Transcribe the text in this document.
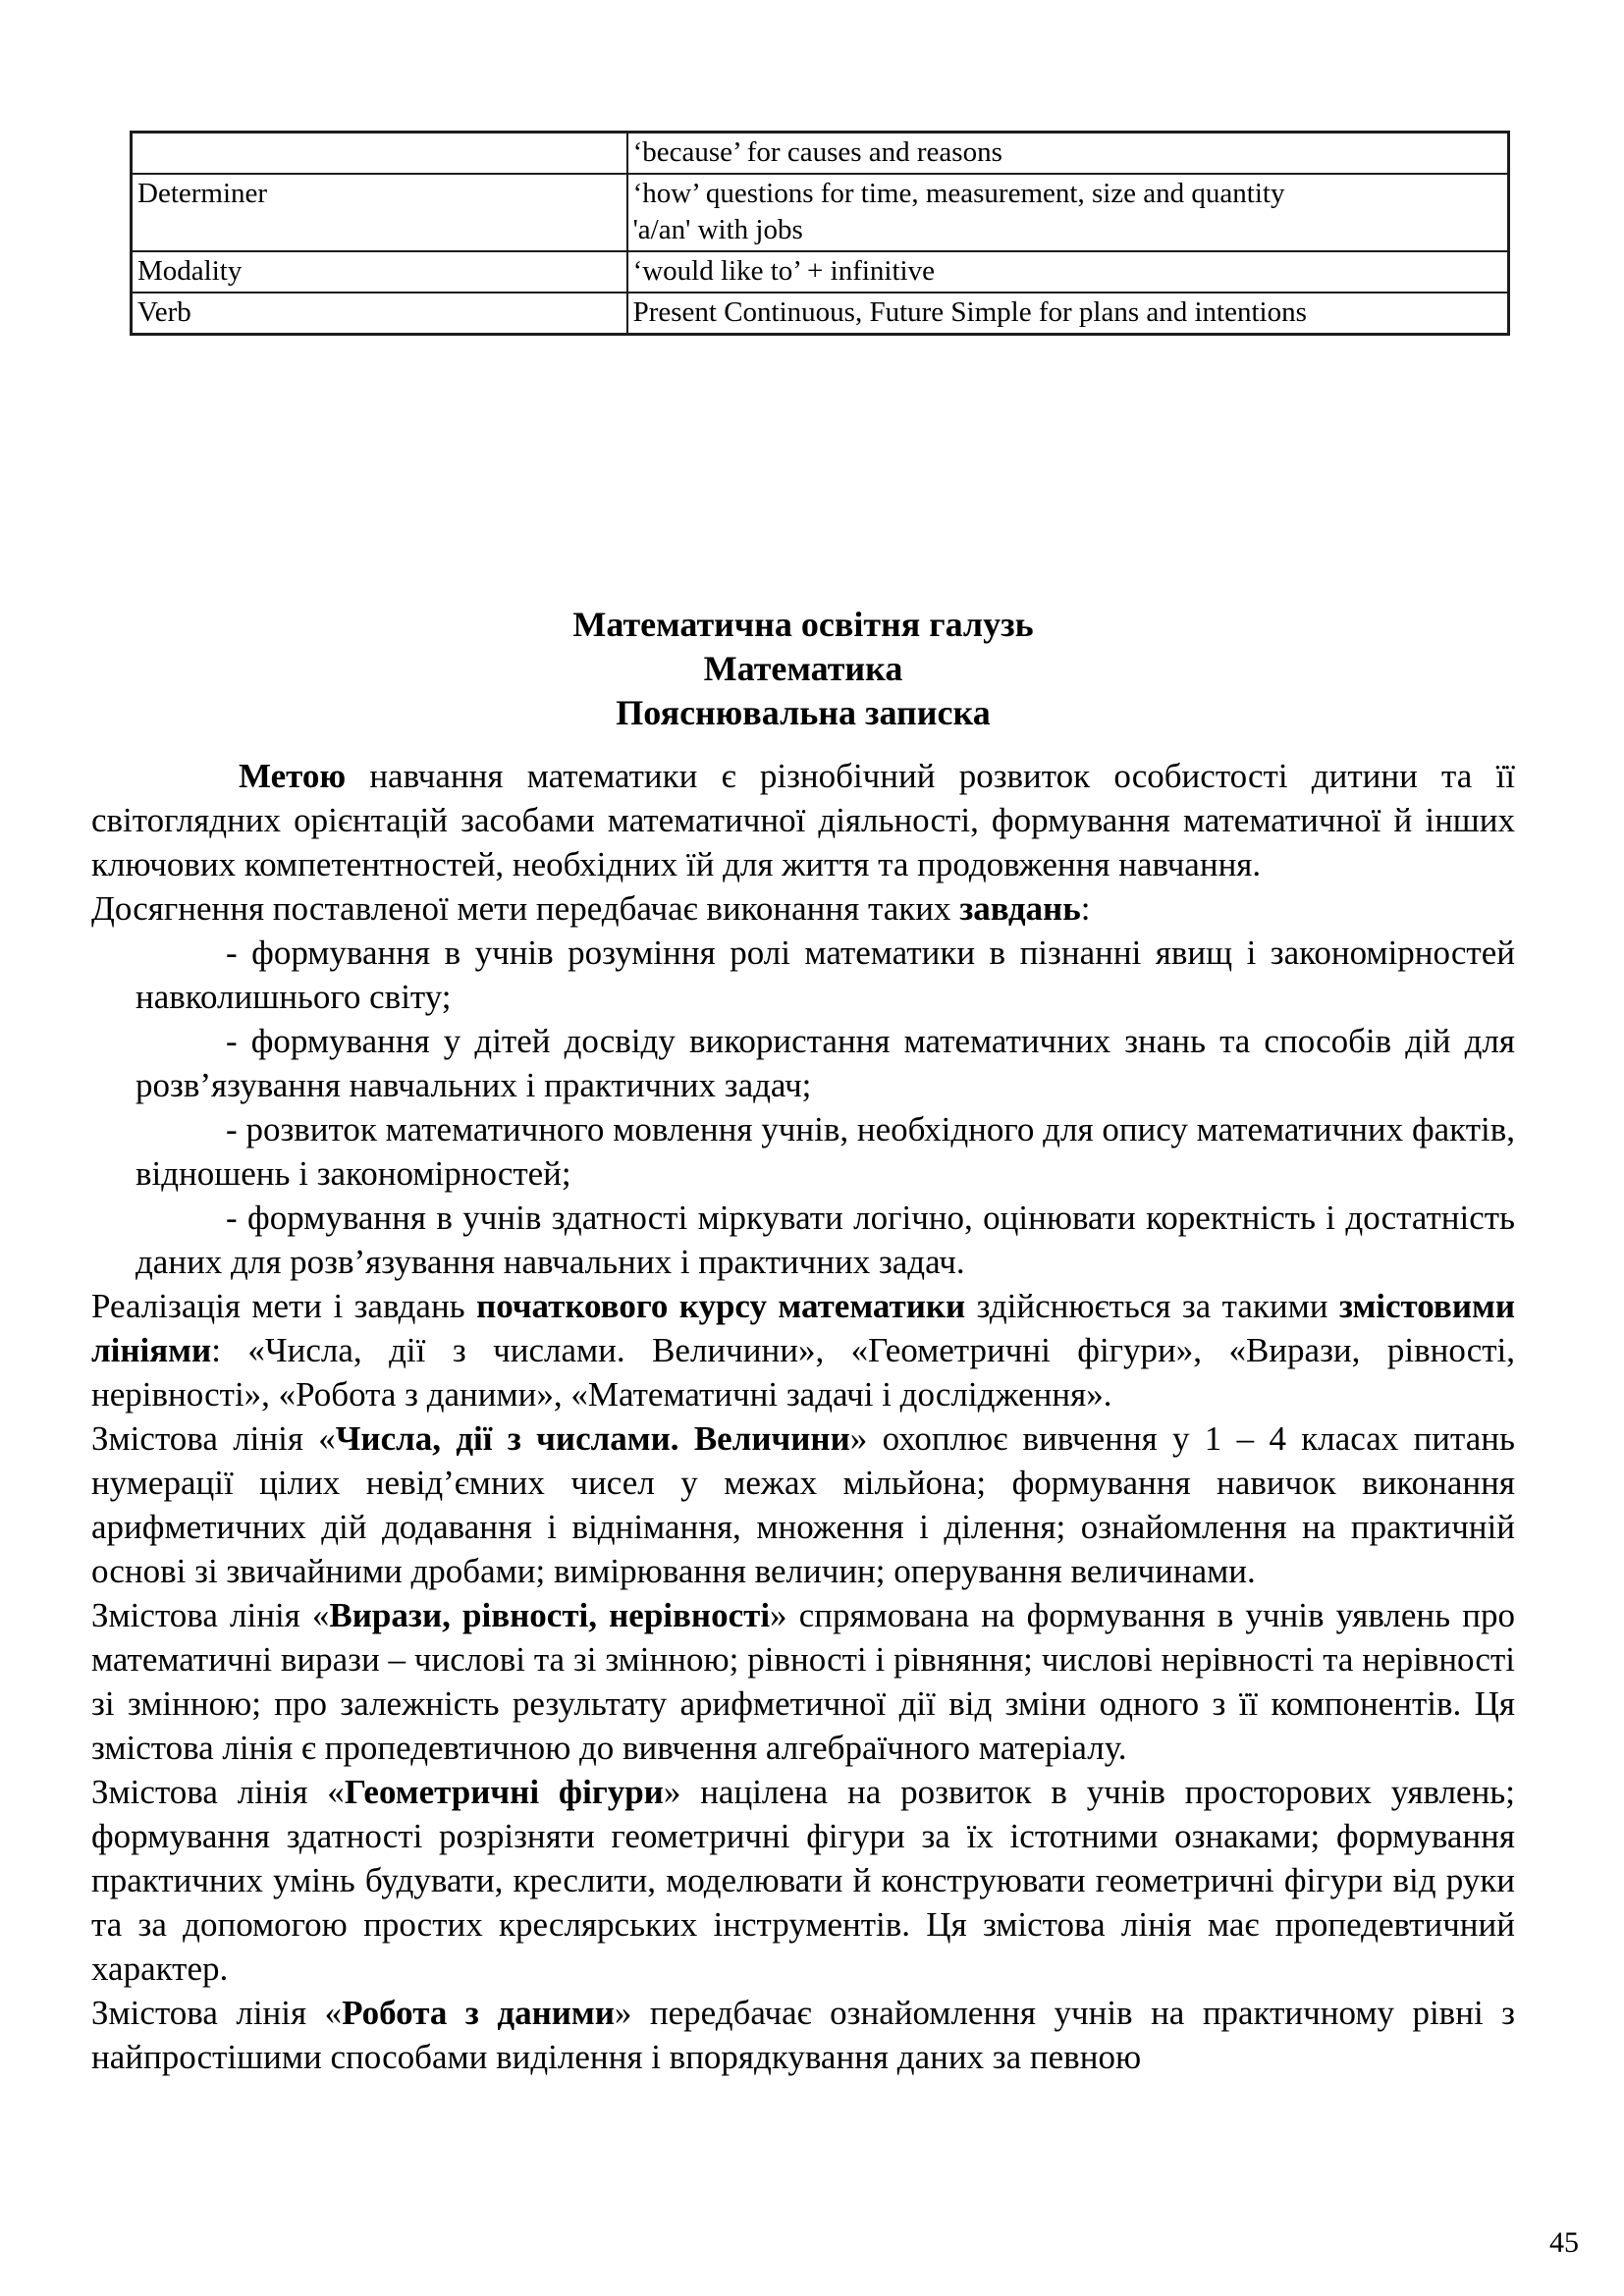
	‘because’ for causes and reasons
Determiner	‘how’ questions for time, measurement, size and quantity
'a/an' with jobs
Modality	‘would like to’ + infinitive
Verb	Present Continuous, Future Simple for plans and intentions
Математична освітня галузь
Математика
Пояснювальна записка

Метою навчання математики є різнобічний розвиток особистості дитини та її світоглядних орієнтацій засобами математичної діяльності, формування математичної й інших ключових компетентностей, необхідних їй для життя та продовження навчання.

Досягнення поставленої мети передбачає виконання таких завдань:

- формування в учнів розуміння ролі математики в пізнанні явищ і закономірностей навколишнього світу;

- формування у дітей досвіду використання математичних знань та способів дій для розв’язування навчальних і практичних задач;

- розвиток математичного мовлення учнів, необхідного для опису математичних фактів, відношень і закономірностей;

- формування в учнів здатності міркувати логічно, оцінювати коректність і достатність даних для розв’язування навчальних і практичних задач.

Реалізація мети і завдань початкового курсу математики здійснюється за такими змістовими лініями: «Числа, дії з числами. Величини», «Геометричні фігури», «Вирази, рівності, нерівності», «Робота з даними», «Математичні задачі і дослідження».

Змістова лінія «Числа, дії з числами. Величини» охоплює вивчення у 1 – 4 класах питань нумерації цілих невід’ємних чисел у межах мільйона; формування навичок виконання арифметичних дій додавання і віднімання, множення і ділення; ознайомлення на практичній основі зі звичайними дробами; вимірювання величин; оперування величинами.

Змістова лінія «Вирази, рівності, нерівності» спрямована на формування в учнів уявлень про математичні вирази – числові та зі змінною; рівності і рівняння; числові нерівності та нерівності зі змінною; про залежність результату арифметичної дії від зміни одного з її компонентів. Ця змістова лінія є пропедевтичною до вивчення алгебраїчного матеріалу.

Змістова лінія «Геометричні фігури» націлена на розвиток в учнів просторових уявлень; формування здатності розрізняти геометричні фігури за їх істотними ознаками; формування практичних умінь будувати, креслити, моделювати й конструювати геометричні фігури від руки та за допомогою простих креслярських інструментів. Ця змістова лінія має пропедевтичний характер.

Змістова лінія «Робота з даними» передбачає ознайомлення учнів на практичному рівні з найпростішими способами виділення і впорядкування даних за певною

45
